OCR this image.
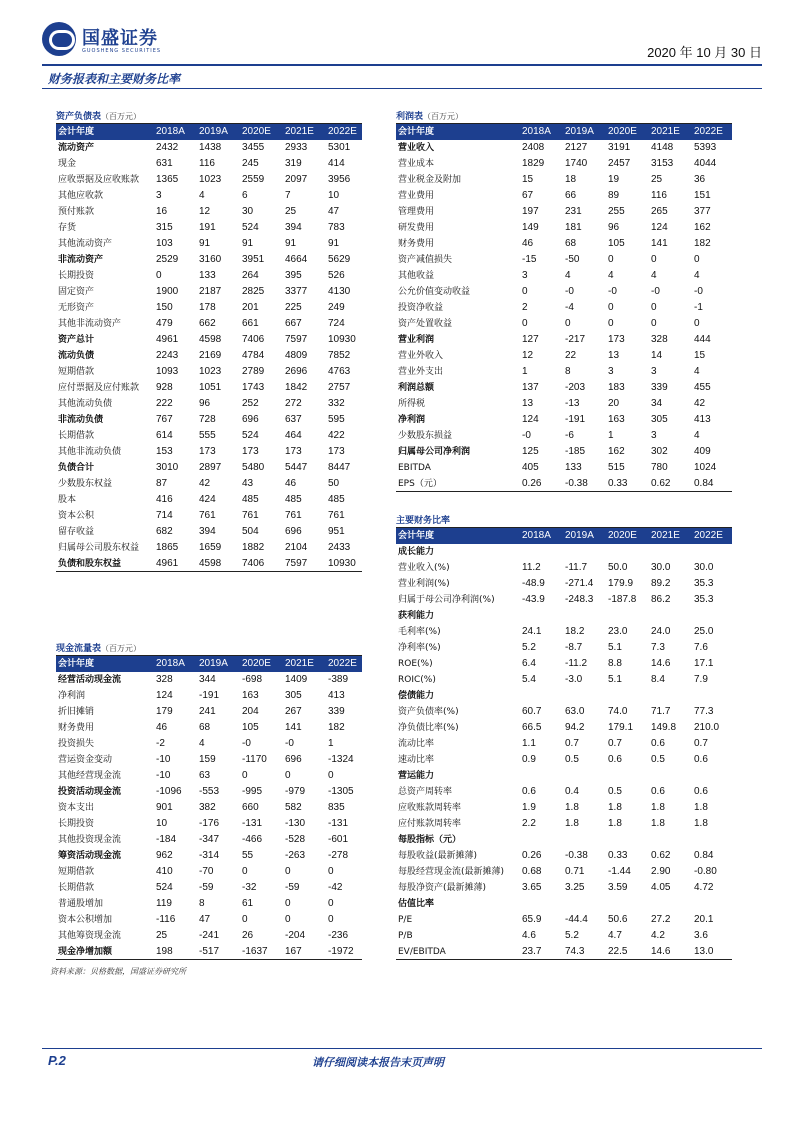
国盛证券
GUOSHENG SECURITIES	2020 年 10 月 30 日
财务报表和主要财务比率
资产负债表（百万元）
会计年度	2018A	2019A	2020E	2021E	2022E
流动资产	2432	1438	3455	2933	5301
现金	631	116	245	319	414
应收票据及应收账款	1365	1023	2559	2097	3956
其他应收款	3	4	6	7	10
预付账款	16	12	30	25	47
存货	315	191	524	394	783
其他流动资产	103	91	91	91	91
非流动资产	2529	3160	3951	4664	5629
长期投资	0	133	264	395	526
固定资产	1900	2187	2825	3377	4130
无形资产	150	178	201	225	249
其他非流动资产	479	662	661	667	724
资产总计	4961	4598	7406	7597	10930
流动负债	2243	2169	4784	4809	7852
短期借款	1093	1023	2789	2696	4763
应付票据及应付账款	928	1051	1743	1842	2757
其他流动负债	222	96	252	272	332
非流动负债	767	728	696	637	595
长期借款	614	555	524	464	422
其他非流动负债	153	173	173	173	173
负债合计	3010	2897	5480	5447	8447
少数股东权益	87	42	43	46	50
股本	416	424	485	485	485
资本公积	714	761	761	761	761
留存收益	682	394	504	696	951
归属母公司股东权益	1865	1659	1882	2104	2433
负债和股东权益	4961	4598	7406	7597	10930
现金流量表（百万元）
会计年度	2018A	2019A	2020E	2021E	2022E
经营活动现金流	328	344	-698	1409	-389
净利润	124	-191	163	305	413
折旧摊销	179	241	204	267	339
财务费用	46	68	105	141	182
投资损失	-2	4	-0	-0	1
营运资金变动	-10	159	-1170	696	-1324
其他经营现金流	-10	63	0	0	0
投资活动现金流	-1096	-553	-995	-979	-1305
资本支出	901	382	660	582	835
长期投资	10	-176	-131	-130	-131
其他投资现金流	-184	-347	-466	-528	-601
筹资活动现金流	962	-314	55	-263	-278
短期借款	410	-70	0	0	0
长期借款	524	-59	-32	-59	-42
普通股增加	119	8	61	0	0
资本公积增加	-116	47	0	0	0
其他筹资现金流	25	-241	26	-204	-236
现金净增加额	198	-517	-1637	167	-1972
利润表（百万元）
会计年度	2018A	2019A	2020E	2021E	2022E
营业收入	2408	2127	3191	4148	5393
营业成本	1829	1740	2457	3153	4044
营业税金及附加	15	18	19	25	36
营业费用	67	66	89	116	151
管理费用	197	231	255	265	377
研发费用	149	181	96	124	162
财务费用	46	68	105	141	182
资产减值损失	-15	-50	0	0	0
其他收益	3	4	4	4	4
公允价值变动收益	0	-0	-0	-0	-0
投资净收益	2	-4	0	0	-1
资产处置收益	0	0	0	0	0
营业利润	127	-217	173	328	444
营业外收入	12	22	13	14	15
营业外支出	1	8	3	3	4
利润总额	137	-203	183	339	455
所得税	13	-13	20	34	42
净利润	124	-191	163	305	413
少数股东损益	-0	-6	1	3	4
归属母公司净利润	125	-185	162	302	409
EBITDA	405	133	515	780	1024
EPS（元）	0.26	-0.38	0.33	0.62	0.84
主要财务比率
会计年度	2018A	2019A	2020E	2021E	2022E
成长能力
营业收入(%)	11.2	-11.7	50.0	30.0	30.0
营业利润(%)	-48.9	-271.4	179.9	89.2	35.3
归属于母公司净利润(%)	-43.9	-248.3	-187.8	86.2	35.3
获利能力
毛利率(%)	24.1	18.2	23.0	24.0	25.0
净利率(%)	5.2	-8.7	5.1	7.3	7.6
ROE(%)	6.4	-11.2	8.8	14.6	17.1
ROIC(%)	5.4	-3.0	5.1	8.4	7.9
偿债能力
资产负债率(%)	60.7	63.0	74.0	71.7	77.3
净负债比率(%)	66.5	94.2	179.1	149.8	210.0
流动比率	1.1	0.7	0.7	0.6	0.7
速动比率	0.9	0.5	0.6	0.5	0.6
营运能力
总资产周转率	0.6	0.4	0.5	0.6	0.6
应收账款周转率	1.9	1.8	1.8	1.8	1.8
应付账款周转率	2.2	1.8	1.8	1.8	1.8
每股指标（元）
每股收益(最新摊薄)	0.26	-0.38	0.33	0.62	0.84
每股经营现金流(最新摊薄)	0.68	0.71	-1.44	2.90	-0.80
每股净资产(最新摊薄)	3.65	3.25	3.59	4.05	4.72
估值比率
P/E	65.9	-44.4	50.6	27.2	20.1
P/B	4.6	5.2	4.7	4.2	3.6
EV/EBITDA	23.7	74.3	22.5	14.6	13.0
资料来源：贝格数据，国盛证券研究所
P.2	请仔细阅读本报告末页声明
